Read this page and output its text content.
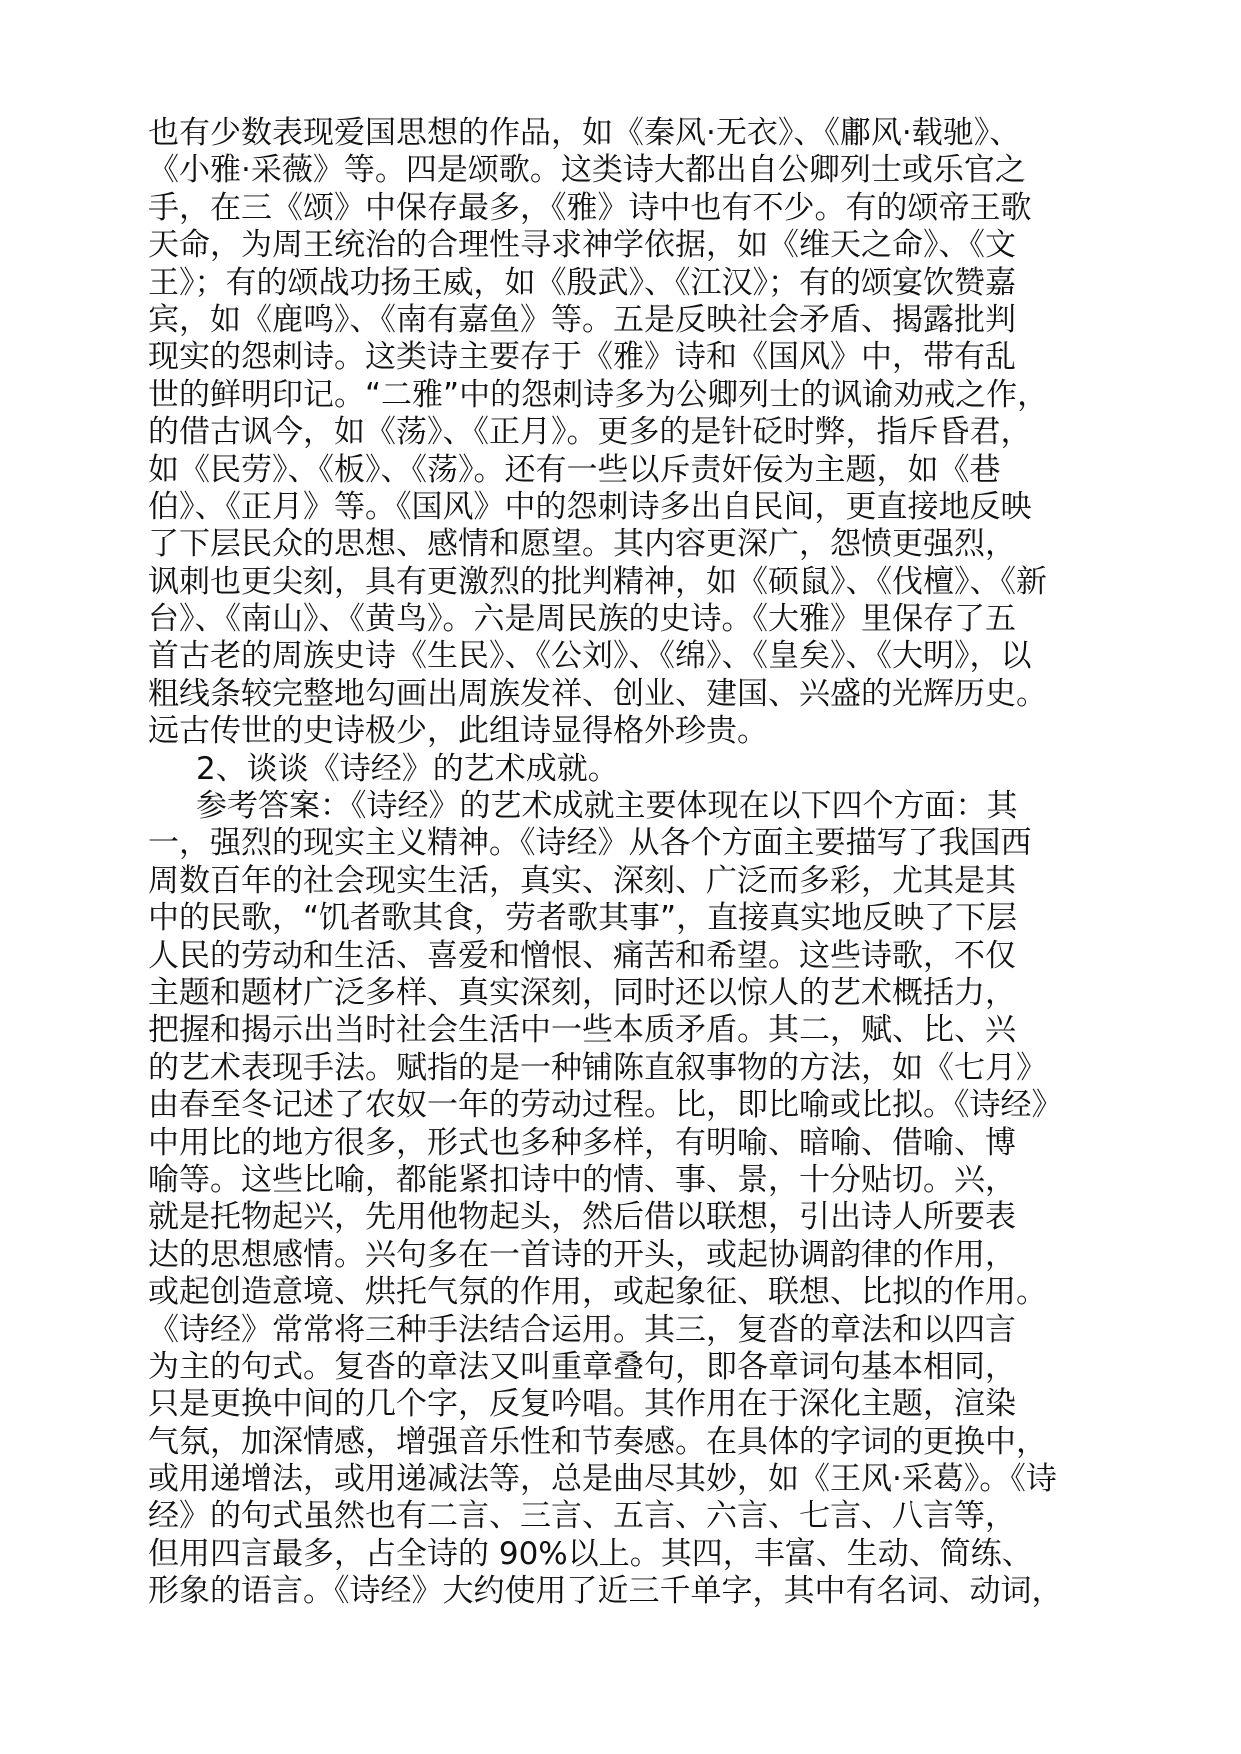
也有少数表现爱国思想的作品，如《秦风·无衣》、《鄘风·载驰》、
《小雅·采薇》等。四是颂歌。这类诗大都出自公卿列士或乐官之
手，在三《颂》中保存最多，《雅》诗中也有不少。有的颂帝王歌
天命，为周王统治的合理性寻求神学依据，如《维天之命》、《文
王》；有的颂战功扬王威，如《殷武》、《江汉》；有的颂宴饮赞嘉
宾，如《鹿鸣》、《南有嘉鱼》等。五是反映社会矛盾、揭露批判
现实的怨刺诗。这类诗主要存于《雅》诗和《国风》中，带有乱
世的鲜明印记。“二雅”中的怨刺诗多为公卿列士的讽谕劝戒之作，
的借古讽今，如《荡》、《正月》。更多的是针砭时弊，指斥昏君，
如《民劳》、《板》、《荡》。还有一些以斥责奸佞为主题，如《巷
伯》、《正月》等。《国风》中的怨刺诗多出自民间，更直接地反映
了下层民众的思想、感情和愿望。其内容更深广，怨愤更强烈，
讽刺也更尖刻，具有更激烈的批判精神，如《硕鼠》、《伐檀》、《新
台》、《南山》、《黄鸟》。六是周民族的史诗。《大雅》里保存了五
首古老的周族史诗《生民》、《公刘》、《绵》、《皇矣》、《大明》，以
粗线条较完整地勾画出周族发祥、创业、建国、兴盛的光辉历史。
远古传世的史诗极少，此组诗显得格外珍贵。
2、谈谈《诗经》的艺术成就。
参考答案：《诗经》的艺术成就主要体现在以下四个方面：其
一，强烈的现实主义精神。《诗经》从各个方面主要描写了我国西
周数百年的社会现实生活，真实、深刻、广泛而多彩，尤其是其
中的民歌，“饥者歌其食，劳者歌其事”，直接真实地反映了下层
人民的劳动和生活、喜爱和憎恨、痛苦和希望。这些诗歌，不仅
主题和题材广泛多样、真实深刻，同时还以惊人的艺术概括力，
把握和揭示出当时社会生活中一些本质矛盾。其二，赋、比、兴
的艺术表现手法。赋指的是一种铺陈直叙事物的方法，如《七月》
由春至冬记述了农奴一年的劳动过程。比，即比喻或比拟。《诗经》
中用比的地方很多，形式也多种多样，有明喻、暗喻、借喻、博
喻等。这些比喻，都能紧扣诗中的情、事、景，十分贴切。兴，
就是托物起兴，先用他物起头，然后借以联想，引出诗人所要表
达的思想感情。兴句多在一首诗的开头，或起协调韵律的作用，
或起创造意境、烘托气氛的作用，或起象征、联想、比拟的作用。
《诗经》常常将三种手法结合运用。其三，复沓的章法和以四言
为主的句式。复沓的章法又叫重章叠句，即各章词句基本相同，
只是更换中间的几个字，反复吟唱。其作用在于深化主题，渲染
气氛，加深情感，增强音乐性和节奏感。在具体的字词的更换中，
或用递增法，或用递减法等，总是曲尽其妙，如《王风·采葛》。《诗
经》的句式虽然也有二言、三言、五言、六言、七言、八言等，
但用四言最多，占全诗的 90%以上。其四，丰富、生动、简练、
形象的语言。《诗经》大约使用了近三千单字，其中有名词、动词，
